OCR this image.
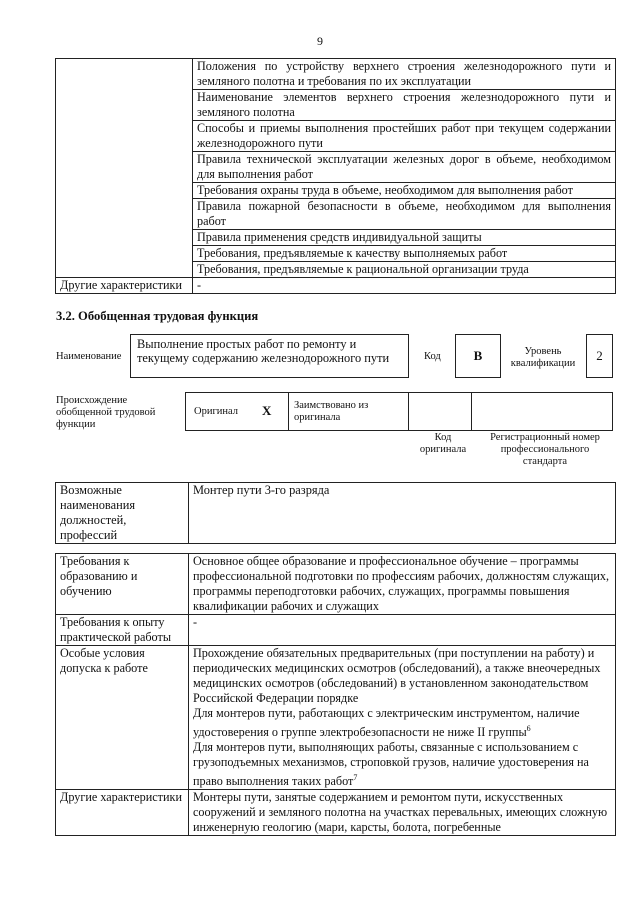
9
	Положения по устройству верхнего строения железнодорожного пути и земляного полотна и требования по их эксплуатации
	Наименование элементов верхнего строения железнодорожного пути и земляного полотна
	Способы и приемы выполнения простейших работ при текущем содержании железнодорожного пути
	Правила технической эксплуатации железных дорог в объеме, необходимом для выполнения работ
	Требования охраны труда в объеме, необходимом для выполнения работ
	Правила пожарной безопасности в объеме, необходимом для выполнения работ
	Правила применения средств индивидуальной защиты
	Требования, предъявляемые к качеству выполняемых работ
	Требования, предъявляемые к рациональной организации труда
Другие характеристики	-
3.2. Обобщенная трудовая функция
Наименование
Выполнение простых работ по ремонту и текущему содержанию железнодорожного пути	Код	B	Уровень квалификации
2
Происхождение обобщенной трудовой функции
Оригинал X Заимствовано из оригинала
Код оригинала
Регистрационный номер профессионального стандарта
Возможные наименования должностей, профессий	Монтер пути 3-го разряда
Требования к образованию и обучению	Основное общее образование и профессиональное обучение – программы профессиональной подготовки по профессиям рабочих, должностям служащих, программы переподготовки рабочих, служащих, программы повышения квалификации рабочих и служащих
Требования к опыту практической работы	-
Особые условия допуска к работе	Прохождение обязательных предварительных (при поступлении на работу) и периодических медицинских осмотров (обследований), а также внеочередных медицинских осмотров (обследований) в установленном законодательством Российской Федерации порядке
Для монтеров пути, работающих с электрическим инструментом, наличие удостоверения о группе электробезопасности не ниже II группы$^6$
Для монтеров пути, выполняющих работы, связанные с использованием с грузоподъемных механизмов, строповкой грузов, наличие удостоверения на право выполнения таких работ$^7$

Другие характеристики	Монтеры пути, занятые содержанием и ремонтом пути, искусственных сооружений и земляного полотна на участках перевальных, имеющих сложную инженерную геологию (мари, карсты, болота, погребенные
